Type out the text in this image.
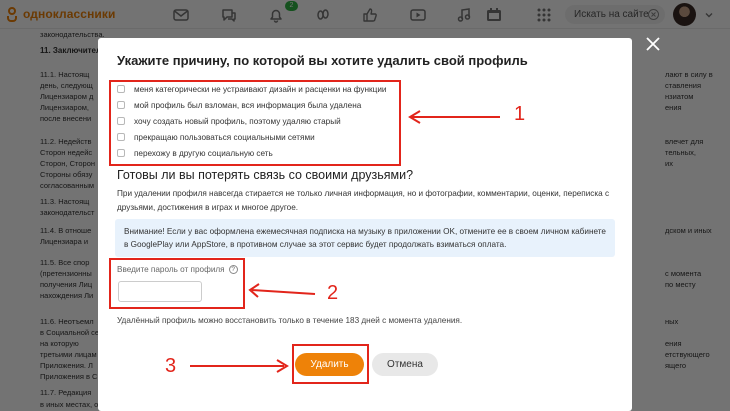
Искать на сайте

Укажите причину, по которой вы хотите удалить свой профиль
меня категорически не устраивают дизайн и расценки на функции
мой профиль был взломан, вся информация была удалена
хочу создать новый профиль, поэтому удаляю старый
прекращаю пользоваться социальными сетями
перехожу в другую социальную сеть
Готовы ли вы потерять связь со своими друзьями?
При удалении профиля навсегда стирается не только личная информация, но и фотографии, комментарии, оценки, переписка с друзьями, достижения в играх и многое другое.
Внимание! Если у вас оформлена ежемесячная подписка на музыку в приложении OK, отмените ее в своем личном кабинете в GooglePlay или AppStore, в противном случае за этот сервис будет продолжать взиматься оплата.
Введите пароль от профиля	?
Удалённый профиль можно восстановить только в течение 183 дней с момента удаления.
Удалить	Отмена
1
2
3
